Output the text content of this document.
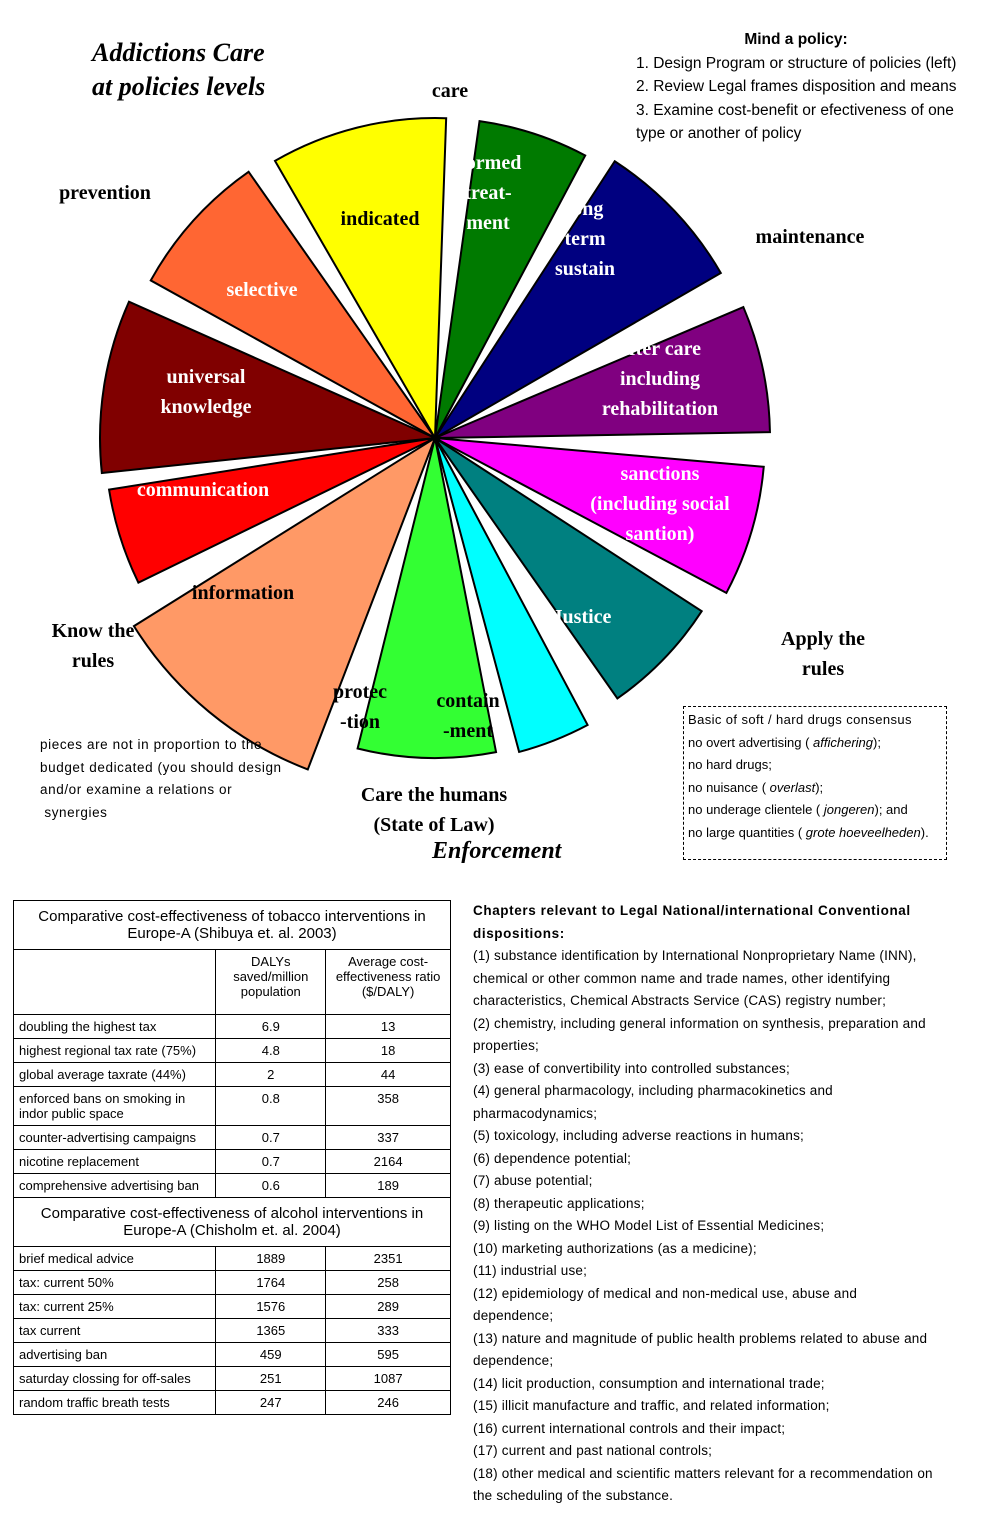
Addictions Care
at policies levels
Mind a policy:
1. Design Program or structure of policies (left)
2. Review Legal frames disposition and means
3. Examine cost-benefit or efectiveness of one type or another of policy
normed treat-ment
long term sustain
after care including rehabilitation
sanctions (including social santion)
Justice
contain -ment
protec -tion
information
communication
universal knowledge
selective
indicated
care
maintenance
prevention
Apply the
rules
Know the
rules
Care the humans
(State of Law)
Enforcement
pieces are not in proportion to the
budget dedicated (you should design
and/or examine a relations or
synergies
Basic of soft / hard drugs consensus
no overt advertising ( affichering);
no hard drugs;
no nuisance ( overlast);
no underage clientele ( jongeren); and
no large quantities ( grote hoeveelheden).
Comparative cost-effectiveness of tobacco interventions in Europe-A (Shibuya et. al. 2003)		
	DALYs saved/million population	Average cost-effectiveness ratio ($/DALY)
doubling the highest tax	6.9	13
highest regional tax rate (75%)	4.8	18
global average taxrate (44%)	2	44
enforced bans on smoking in indor public space	0.8	358
counter-advertising campaigns	0.7	337
nicotine replacement	0.7	2164
comprehensive advertising ban	0.6	189
Comparative cost-effectiveness of alcohol interventions in Europe-A (Chisholm et. al. 2004)		
brief medical advice	1889	2351
tax: current 50%	1764	258
tax: current 25%	1576	289
tax current	1365	333
advertising ban	459	595
saturday clossing for off-sales	251	1087
random traffic breath tests	247	246
Chapters relevant to Legal National/international Conventional dispositions:
(1) substance identification by International Nonproprietary Name (INN), chemical or other common name and trade names, other identifying characteristics, Chemical Abstracts Service (CAS) registry number;
(2) chemistry, including general information on synthesis, preparation and properties;
(3) ease of convertibility into controlled substances;
(4) general pharmacology, including pharmacokinetics and pharmacodynamics;
(5) toxicology, including adverse reactions in humans;
(6) dependence potential;
(7) abuse potential;
(8) therapeutic applications;
(9) listing on the WHO Model List of Essential Medicines;
(10) marketing authorizations (as a medicine);
(11) industrial use;
(12) epidemiology of medical and non-medical use, abuse and dependence;
(13) nature and magnitude of public health problems related to abuse and dependence;
(14) licit production, consumption and international trade;
(15) illicit manufacture and traffic, and related information;
(16) current international controls and their impact;
(17) current and past national controls;
(18) other medical and scientific matters relevant for a recommendation on the scheduling of the substance.
